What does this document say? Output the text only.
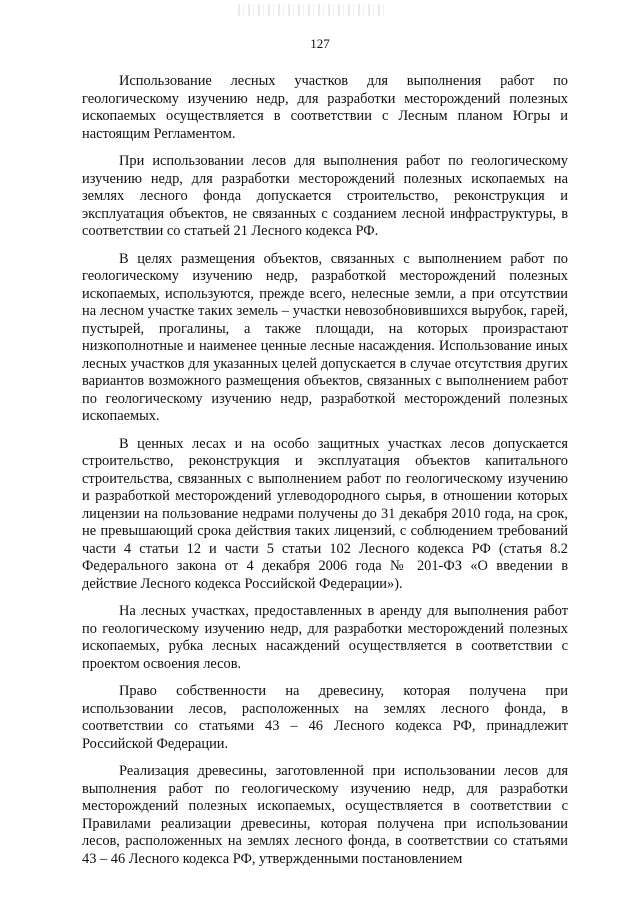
127

Использование лесных участков для выполнения работ по геологическому изучению недр, для разработки месторождений полезных ископаемых осуществляется в соответствии с Лесным планом Югры и настоящим Регламентом.

При использовании лесов для выполнения работ по геологическому изучению недр, для разработки месторождений полезных ископаемых на землях лесного фонда допускается строительство, реконструкция и эксплуатация объектов, не связанных с созданием лесной инфраструктуры, в соответствии со статьей 21 Лесного кодекса РФ.

В целях размещения объектов, связанных с выполнением работ по геологическому изучению недр, разработкой месторождений полезных ископаемых, используются, прежде всего, нелесные земли, а при отсутствии на лесном участке таких земель – участки невозобновившихся вырубок, гарей, пустырей, прогалины, а также площади, на которых произрастают низкополнотные и наименее ценные лесные насаждения. Использование иных лесных участков для указанных целей допускается в случае отсутствия других вариантов возможного размещения объектов, связанных с выполнением работ по геологическому изучению недр, разработкой месторождений полезных ископаемых.

В ценных лесах и на особо защитных участках лесов допускается строительство, реконструкция и эксплуатация объектов капитального строительства, связанных с выполнением работ по геологическому изучению и разработкой месторождений углеводородного сырья, в отношении которых лицензии на пользование недрами получены до 31 декабря 2010 года, на срок, не превышающий срока действия таких лицензий, с соблюдением требований части 4 статьи 12 и части 5 статьи 102 Лесного кодекса РФ (статья 8.2 Федерального закона от 4 декабря 2006 года № 201-ФЗ «О введении в действие Лесного кодекса Российской Федерации»).

На лесных участках, предоставленных в аренду для выполнения работ по геологическому изучению недр, для разработки месторождений полезных ископаемых, рубка лесных насаждений осуществляется в соответствии с проектом освоения лесов.

Право собственности на древесину, которая получена при использовании лесов, расположенных на землях лесного фонда, в соответствии со статьями 43 – 46 Лесного кодекса РФ, принадлежит Российской Федерации.

Реализация древесины, заготовленной при использовании лесов для выполнения работ по геологическому изучению недр, для разработки месторождений полезных ископаемых, осуществляется в соответствии с Правилами реализации древесины, которая получена при использовании лесов, расположенных на землях лесного фонда, в соответствии со статьями 43 – 46 Лесного кодекса РФ, утвержденными постановлением
